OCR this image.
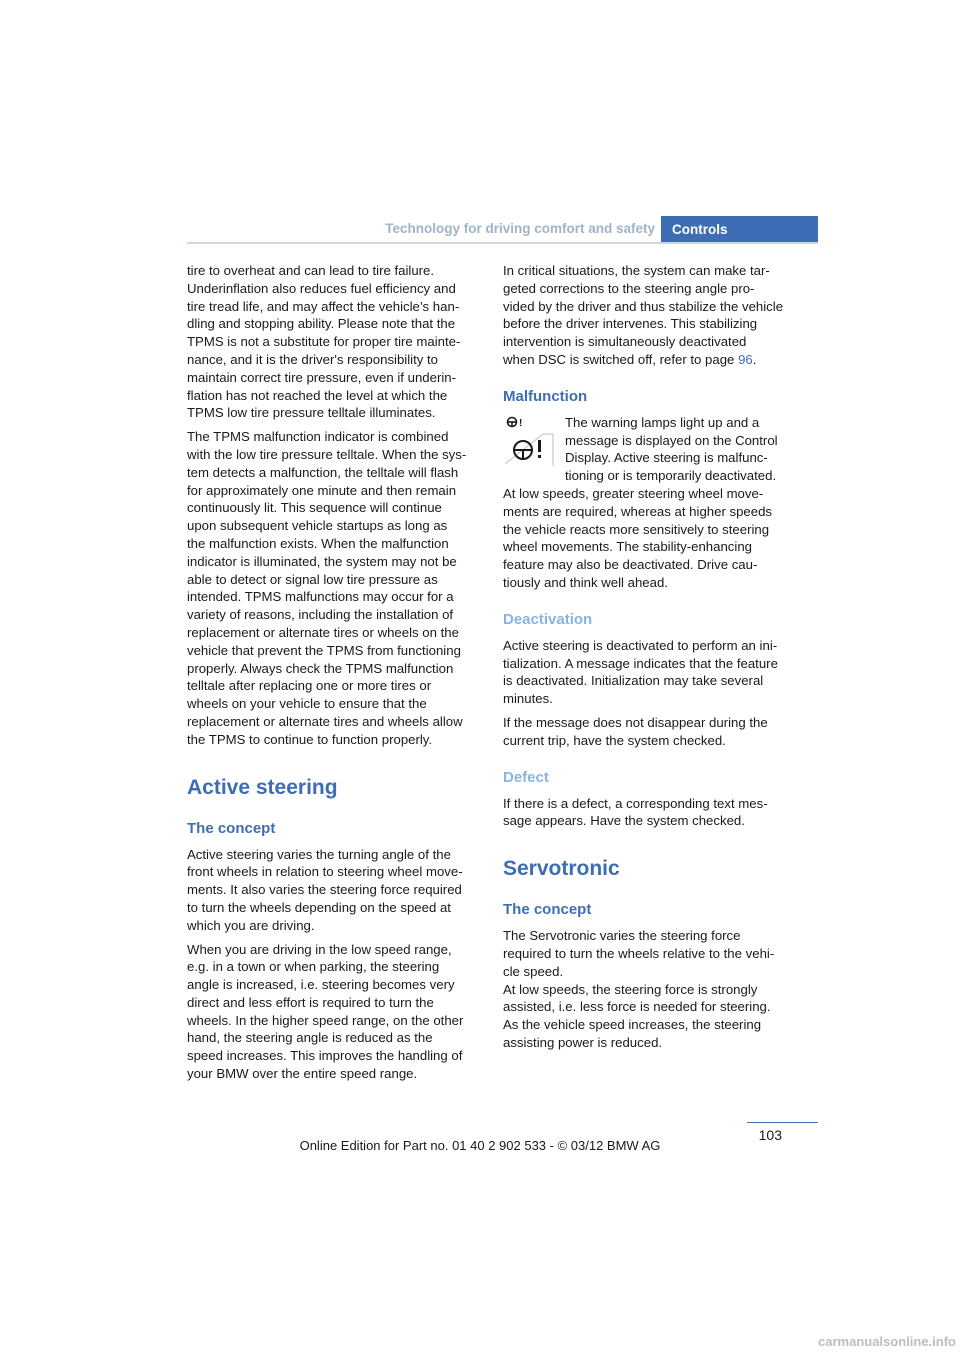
Technology for driving comfort and safety	Controls

tire to overheat and can lead to tire failure.
Underinflation also reduces fuel efficiency and
tire tread life, and may affect the vehicle’s han-
dling and stopping ability. Please note that the
TPMS is not a substitute for proper tire mainte-
nance, and it is the driver's responsibility to
maintain correct tire pressure, even if underin-
flation has not reached the level at which the
TPMS low tire pressure telltale illuminates.

The TPMS malfunction indicator is combined
with the low tire pressure telltale. When the sys-
tem detects a malfunction, the telltale will flash
for approximately one minute and then remain
continuously lit. This sequence will continue
upon subsequent vehicle startups as long as
the malfunction exists. When the malfunction
indicator is illuminated, the system may not be
able to detect or signal low tire pressure as
intended. TPMS malfunctions may occur for a
variety of reasons, including the installation of
replacement or alternate tires or wheels on the
vehicle that prevent the TPMS from functioning
properly. Always check the TPMS malfunction
telltale after replacing one or more tires or
wheels on your vehicle to ensure that the
replacement or alternate tires and wheels allow
the TPMS to continue to function properly.

Active steering
The concept

Active steering varies the turning angle of the
front wheels in relation to steering wheel move-
ments. It also varies the steering force required
to turn the wheels depending on the speed at
which you are driving.

When you are driving in the low speed range,
e.g. in a town or when parking, the steering
angle is increased, i.e. steering becomes very
direct and less effort is required to turn the
wheels. In the higher speed range, on the other
hand, the steering angle is reduced as the
speed increases. This improves the handling of
your BMW over the entire speed range.

In critical situations, the system can make tar-
geted corrections to the steering angle pro-
vided by the driver and thus stabilize the vehicle
before the driver intervenes. This stabilizing
intervention is simultaneously deactivated
when DSC is switched off, refer to page 96.

Malfunction
!	The warning lamps light up and a
message is displayed on the Control
Display. Active steering is malfunc-
tioning or is temporarily deactivated.

At low speeds, greater steering wheel move-
ments are required, whereas at higher speeds
the vehicle reacts more sensitively to steering
wheel movements. The stability-enhancing
feature may also be deactivated. Drive cau-
tiously and think well ahead.

Deactivation

Active steering is deactivated to perform an ini-
tialization. A message indicates that the feature
is deactivated. Initialization may take several
minutes.

If the message does not disappear during the
current trip, have the system checked.

Defect

If there is a defect, a corresponding text mes-
sage appears. Have the system checked.

Servotronic
The concept

The Servotronic varies the steering force
required to turn the wheels relative to the vehi-
cle speed.
At low speeds, the steering force is strongly
assisted, i.e. less force is needed for steering.
As the vehicle speed increases, the steering
assisting power is reduced.

103
Online Edition for Part no. 01 40 2 902 533 - © 03/12 BMW AG
carmanualsonline.info
